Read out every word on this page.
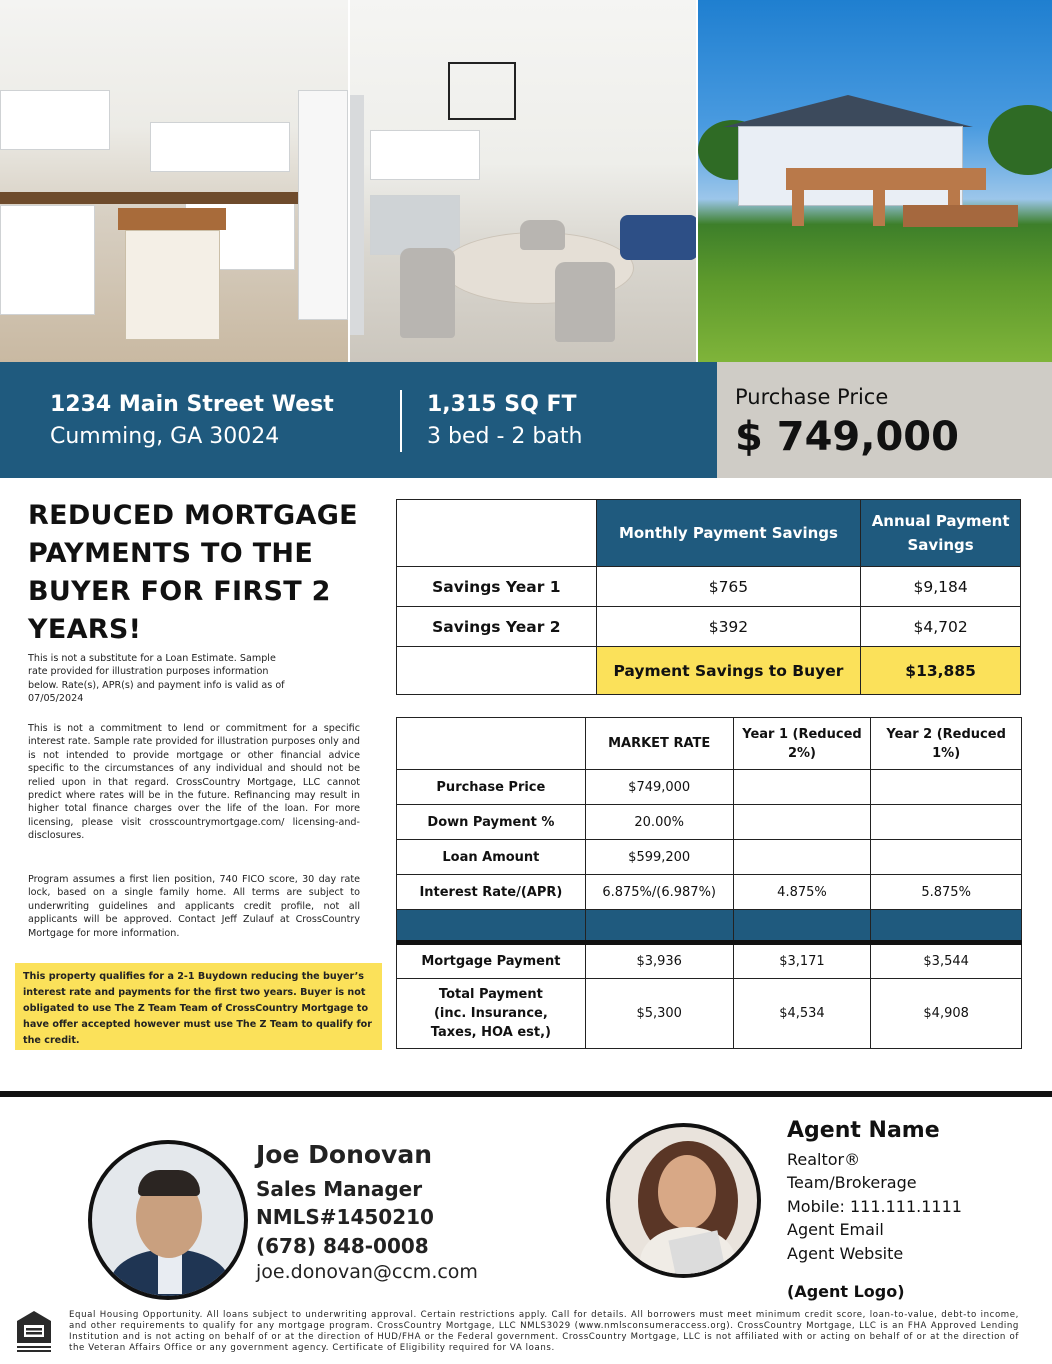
1234 Main Street West
Cumming, GA 30024
1,315 SQ FT
3 bed - 2 bath
Purchase Price
$ 749,000
REDUCED MORTGAGE PAYMENTS TO THE BUYER FOR FIRST 2 YEARS!
This is not a substitute for a Loan Estimate. Sample rate provided for illustration purposes information below. Rate(s), APR(s) and payment info is valid as of 07/05/2024
This is not a commitment to lend or commitment for a specific interest rate. Sample rate provided for illustration purposes only and is not intended to provide mortgage or other financial advice specific to the circumstances of any individual and should not be relied upon in that regard. CrossCountry Mortgage, LLC cannot predict where rates will be in the future. Refinancing may result in higher total finance charges over the life of the loan. For more licensing, please visit crosscountrymortgage.com/ licensing-and-disclosures.
Program assumes a first lien position, 740 FICO score, 30 day rate lock, based on a single family home. All terms are subject to underwriting guidelines and applicants credit profile, not all applicants will be approved. Contact Jeff Zulauf at CrossCountry Mortgage for more information.
This property qualifies for a 2-1 Buydown reducing the buyer’s interest rate and payments for the first two years. Buyer is not obligated to use The Z Team Team of CrossCountry Mortgage to have offer accepted however must use The Z Team to qualify for the credit.
	Monthly Payment Savings	Annual Payment Savings
Savings Year 1	$765	$9,184
Savings Year 2	$392	$4,702
	Payment Savings to Buyer	$13,885
	MARKET RATE	Year 1 (Reduced 2%)	Year 2 (Reduced 1%)
Purchase Price	$749,000		
Down Payment %	20.00%		
Loan Amount	$599,200		
Interest Rate/(APR)	6.875%/(6.987%)	4.875%	5.875%

Mortgage Payment	$3,936	$3,171	$3,544
Total Payment (inc. Insurance, Taxes, HOA est,)	$5,300	$4,534	$4,908
Joe Donovan
Sales Manager
NMLS#1450210
(678) 848-0008
joe.donovan@ccm.com
Agent Name
Realtor®
Team/Brokerage
Mobile: 111.111.1111
Agent Email
Agent Website
(Agent Logo)
Equal Housing Opportunity. All loans subject to underwriting approval. Certain restrictions apply. Call for details. All borrowers must meet minimum credit score, loan-to-value, debt-to income, and other requirements to qualify for any mortgage program. CrossCountry Mortgage, LLC NMLS3029 (www.nmlsconsumeraccess.org). CrossCountry Mortgage, LLC is an FHA Approved Lending Institution and is not acting on behalf of or at the direction of HUD/FHA or the Federal government. CrossCountry Mortgage, LLC is not affiliated with or acting on behalf of or at the direction of the Veteran Affairs Office or any government agency. Certificate of Eligibility required for VA loans.
